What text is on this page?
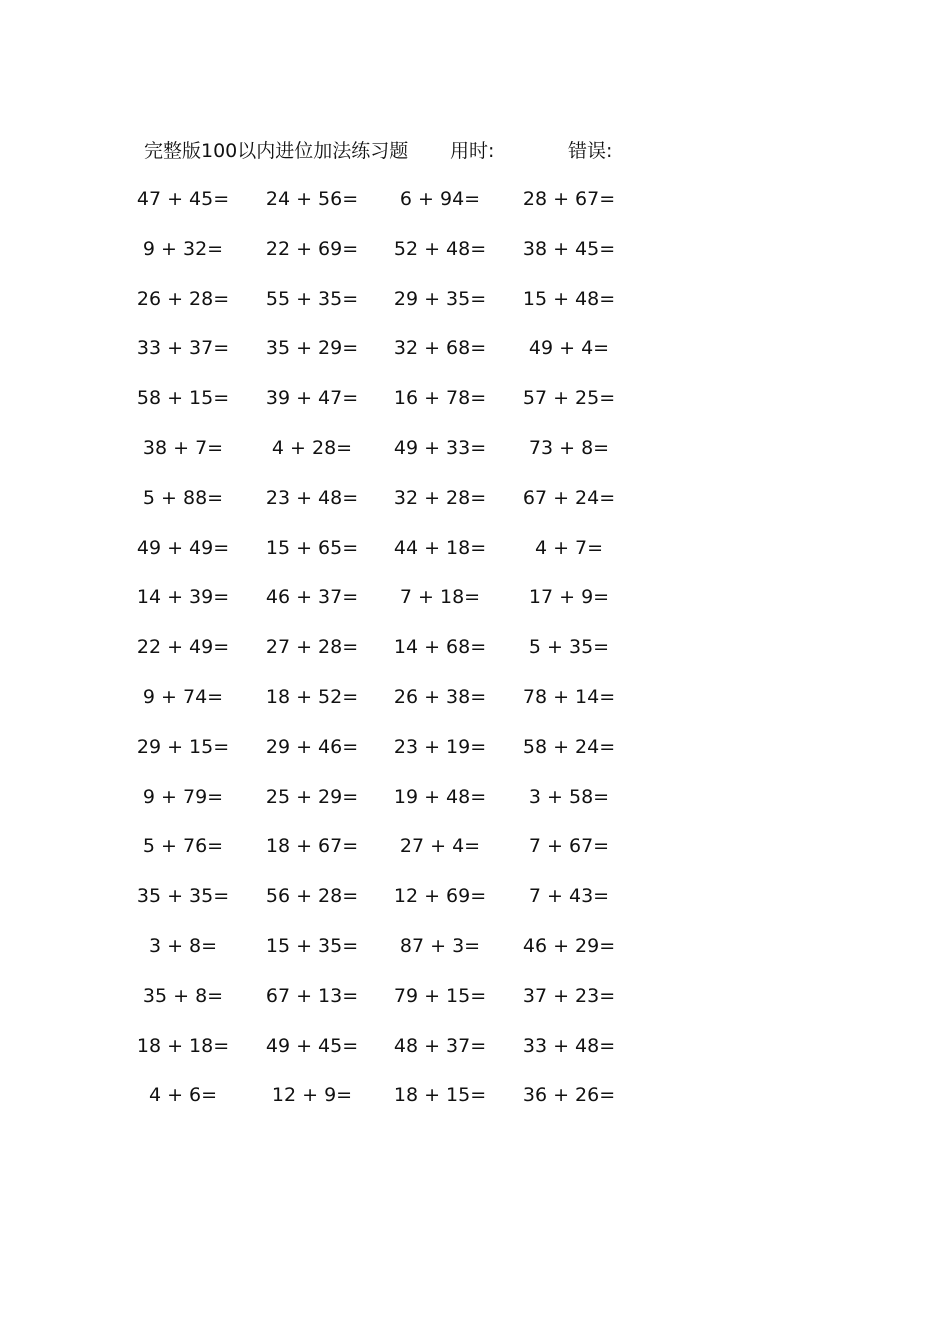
完整版100以内进位加法练习题 用时:	错误:
47 + 45= 24 + 56=	6 + 94=	28 + 67=
9 + 32=	22 + 69= 52 + 48= 38 + 45=
26 + 28= 55 + 35= 29 + 35= 15 + 48=
33 + 37= 35 + 29= 32 + 68=	49 + 4=
58 + 15= 39 + 47= 16 + 78= 57 + 25=
38 + 7=	4 + 28=	49 + 33=	73 + 8=
5 + 88=	23 + 48= 32 + 28= 67 + 24=
49 + 49= 15 + 65= 44 + 18=	4 + 7=
14 + 39= 46 + 37=	7 + 18=	17 + 9=
22 + 49= 27 + 28= 14 + 68=	5 + 35=
9 + 74=	18 + 52= 26 + 38= 78 + 14=
29 + 15= 29 + 46= 23 + 19= 58 + 24=
9 + 79=	25 + 29= 19 + 48=	3 + 58=
5 + 76=	18 + 67=	27 + 4=	7 + 67=
35 + 35= 56 + 28= 12 + 69=	7 + 43=
3 + 8=	15 + 35=	87 + 3=	46 + 29=
35 + 8=	67 + 13= 79 + 15= 37 + 23=
18 + 18= 49 + 45= 48 + 37= 33 + 48=
4 + 6=	12 + 9=	18 + 15= 36 + 26=
